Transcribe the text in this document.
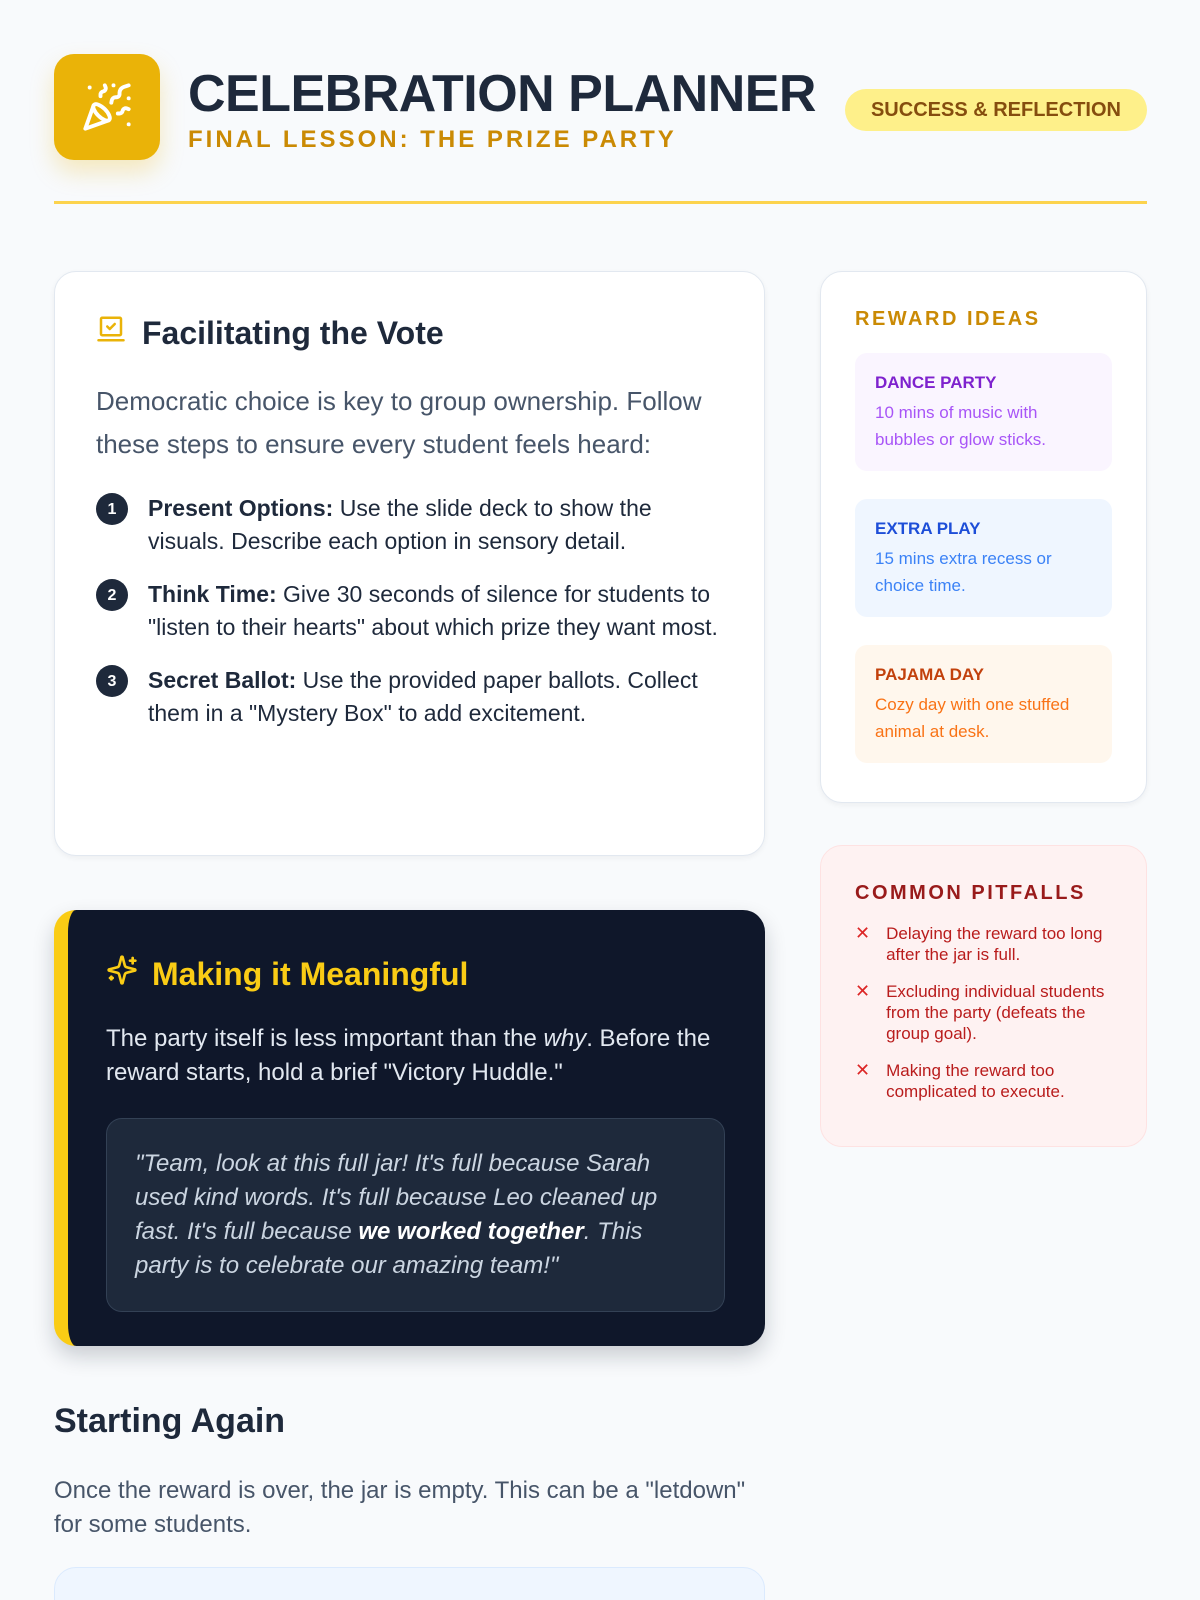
CELEBRATION PLANNER
FINAL LESSON: THE PRIZE PARTY
SUCCESS & REFLECTION
Facilitating the Vote

Democratic choice is key to group ownership. Follow these steps to ensure every student feels heard:

1	Present Options: Use the slide deck to show the visuals. Describe each option in sensory detail.
2	Think Time: Give 30 seconds of silence for students to "listen to their hearts" about which prize they want most.
3	Secret Ballot: Use the provided paper ballots. Collect them in a "Mystery Box" to add excitement.
Making it Meaningful

The party itself is less important than the why. Before the reward starts, hold a brief "Victory Huddle."

"Team, look at this full jar! It's full because Sarah used kind words. It's full because Leo cleaned up fast. It's full because we worked together. This party is to celebrate our amazing team!"
Starting Again

Once the reward is over, the jar is empty. This can be a "letdown" for some students.

REWARD IDEAS
DANCE PARTY
10 mins of music with bubbles or glow sticks.
EXTRA PLAY
15 mins extra recess or choice time.
PAJAMA DAY
Cozy day with one stuffed animal at desk.
COMMON PITFALLS
✕ Delaying the reward too long after the jar is full.
✕ Excluding individual students from the party (defeats the group goal).
✕ Making the reward too complicated to execute.
